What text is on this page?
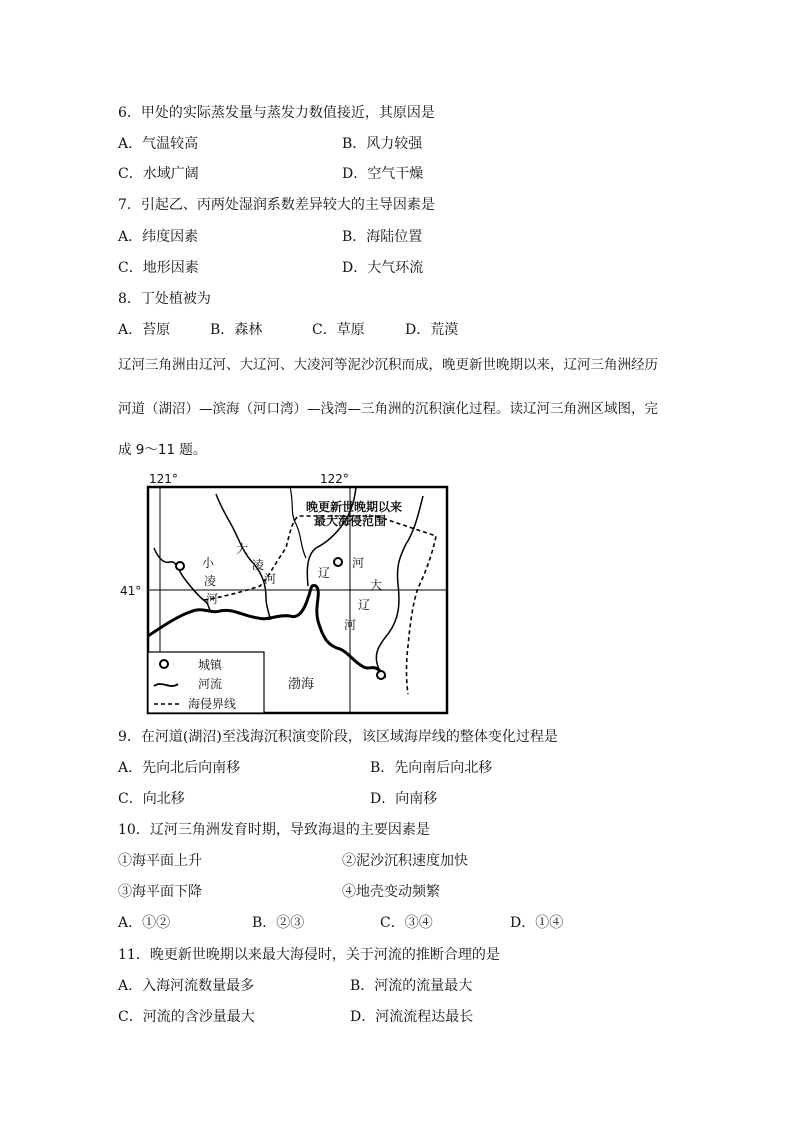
6．甲处的实际蒸发量与蒸发力数值接近，其原因是
A．气温较高	B．风力较强
C．水域广阔	D．空气干燥
7．引起乙、丙两处湿润系数差异较大的主导因素是
A．纬度因素	B．海陆位置
C．地形因素	D．大气环流
8．丁处植被为
A．苔原	B．森林	C．草原	D．荒漠
辽河三角洲由辽河、大辽河、大凌河等泥沙沉积而成，晚更新世晚期以来，辽河三角洲经历
河道（湖沼）—滨海（河口湾）—浅湾—三角洲的沉积演化过程。读辽河三角洲区域图，完
成 9～11 题。
121°	122°
41°
晚更新世晚期以来
最大海侵范围
小
凌
河
大
凌
河	辽
河
大
辽
河
渤海
城镇
河流
海侵界线
9．在河道(湖沼)至浅海沉积演变阶段，该区域海岸线的整体变化过程是
A．先向北后向南移	B．先向南后向北移
C．向北移	D．向南移
10．辽河三角洲发育时期，导致海退的主要因素是
①海平面上升	②泥沙沉积速度加快
③海平面下降	④地壳变动频繁
A．①②	B．②③	C．③④	D．①④
11．晚更新世晚期以来最大海侵时，关于河流的推断合理的是
A．入海河流数量最多	B．河流的流量最大
C．河流的含沙量最大	D．河流流程达最长
